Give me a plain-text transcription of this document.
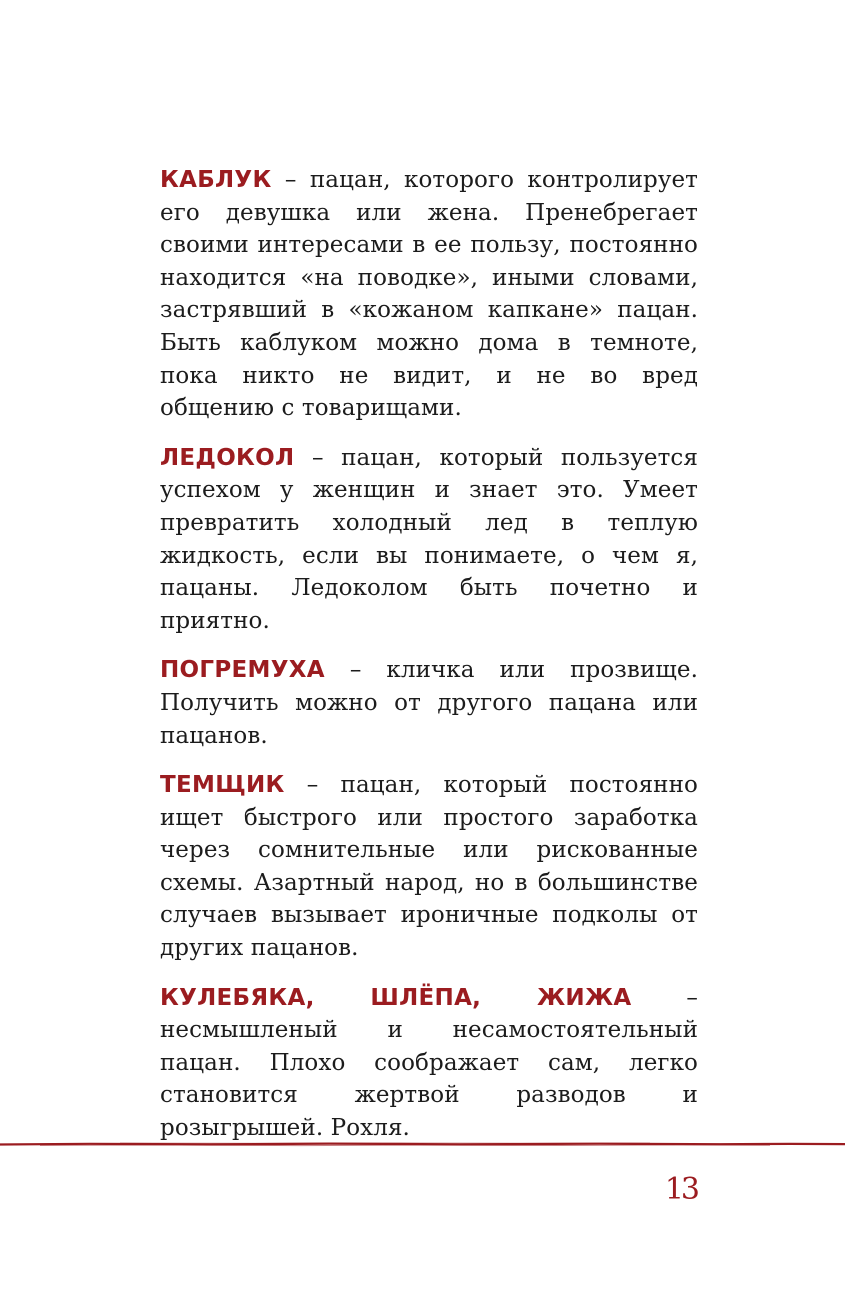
КАБЛУК – пацан, которого контролирует его девушка или жена. Пренебрегает своими интересами в ее пользу, постоянно находится «на поводке», иными словами, застрявший в «кожаном капкане» пацан. Быть каблуком можно дома в темноте, пока никто не видит, и не во вред общению с товарищами.

ЛЕДОКОЛ – пацан, который пользуется успехом у женщин и знает это. Умеет превратить холодный лед в теплую жидкость, если вы понимаете, о чем я, пацаны. Ледоколом быть почетно и приятно.

ПОГРЕМУХА – кличка или прозвище. Получить можно от другого пацана или пацанов.

ТЕМЩИК – пацан, который постоянно ищет быстрого или простого заработка через сомнительные или рискованные схемы. Азартный народ, но в большинстве случаев вызывает ироничные подколы от других пацанов.

КУЛЕБЯКА, ШЛЁПА, ЖИЖА – несмышленый и несамостоятельный пацан. Плохо соображает сам, легко становится жертвой разводов и розыгрышей. Рохля.

13
